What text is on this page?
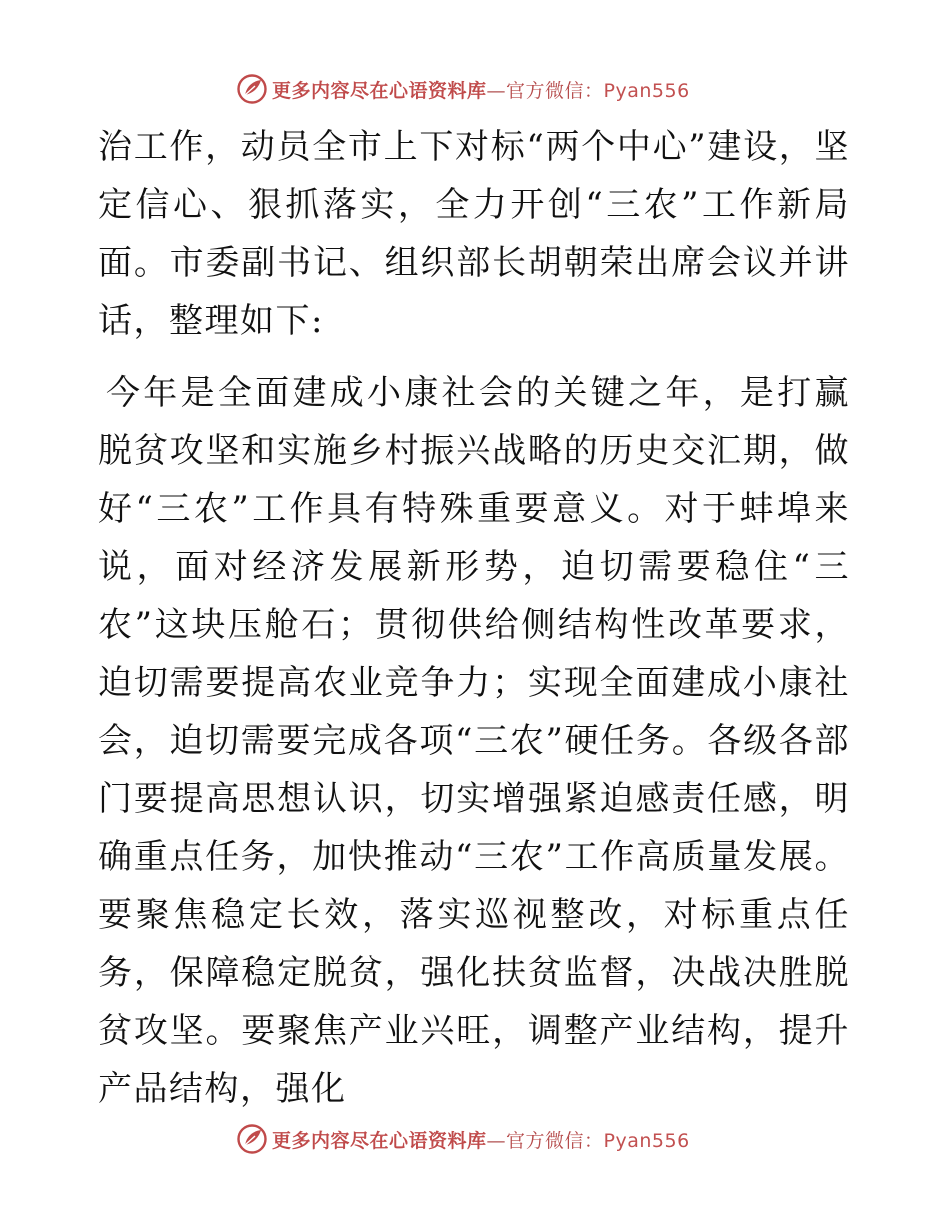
更多内容尽在心语资料库—官方微信：Pyan556

治工作，动员全市上下对标“两个中心”建设，坚定信心、狠抓落实，全力开创“三农”工作新局面。市委副书记、组织部长胡朝荣出席会议并讲话，整理如下:

今年是全面建成小康社会的关键之年，是打赢脱贫攻坚和实施乡村振兴战略的历史交汇期，做好“三农”工作具有特殊重要意义。对于蚌埠来说，面对经济发展新形势，迫切需要稳住“三农”这块压舱石；贯彻供给侧结构性改革要求，迫切需要提高农业竞争力；实现全面建成小康社会，迫切需要完成各项“三农”硬任务。各级各部门要提高思想认识，切实增强紧迫感责任感，明确重点任务，加快推动“三农”工作高质量发展。要聚焦稳定长效，落实巡视整改，对标重点任务，保障稳定脱贫，强化扶贫监督，决战决胜脱贫攻坚。要聚焦产业兴旺，调整产业结构，提升产品结构，强化

更多内容尽在心语资料库—官方微信：Pyan556
